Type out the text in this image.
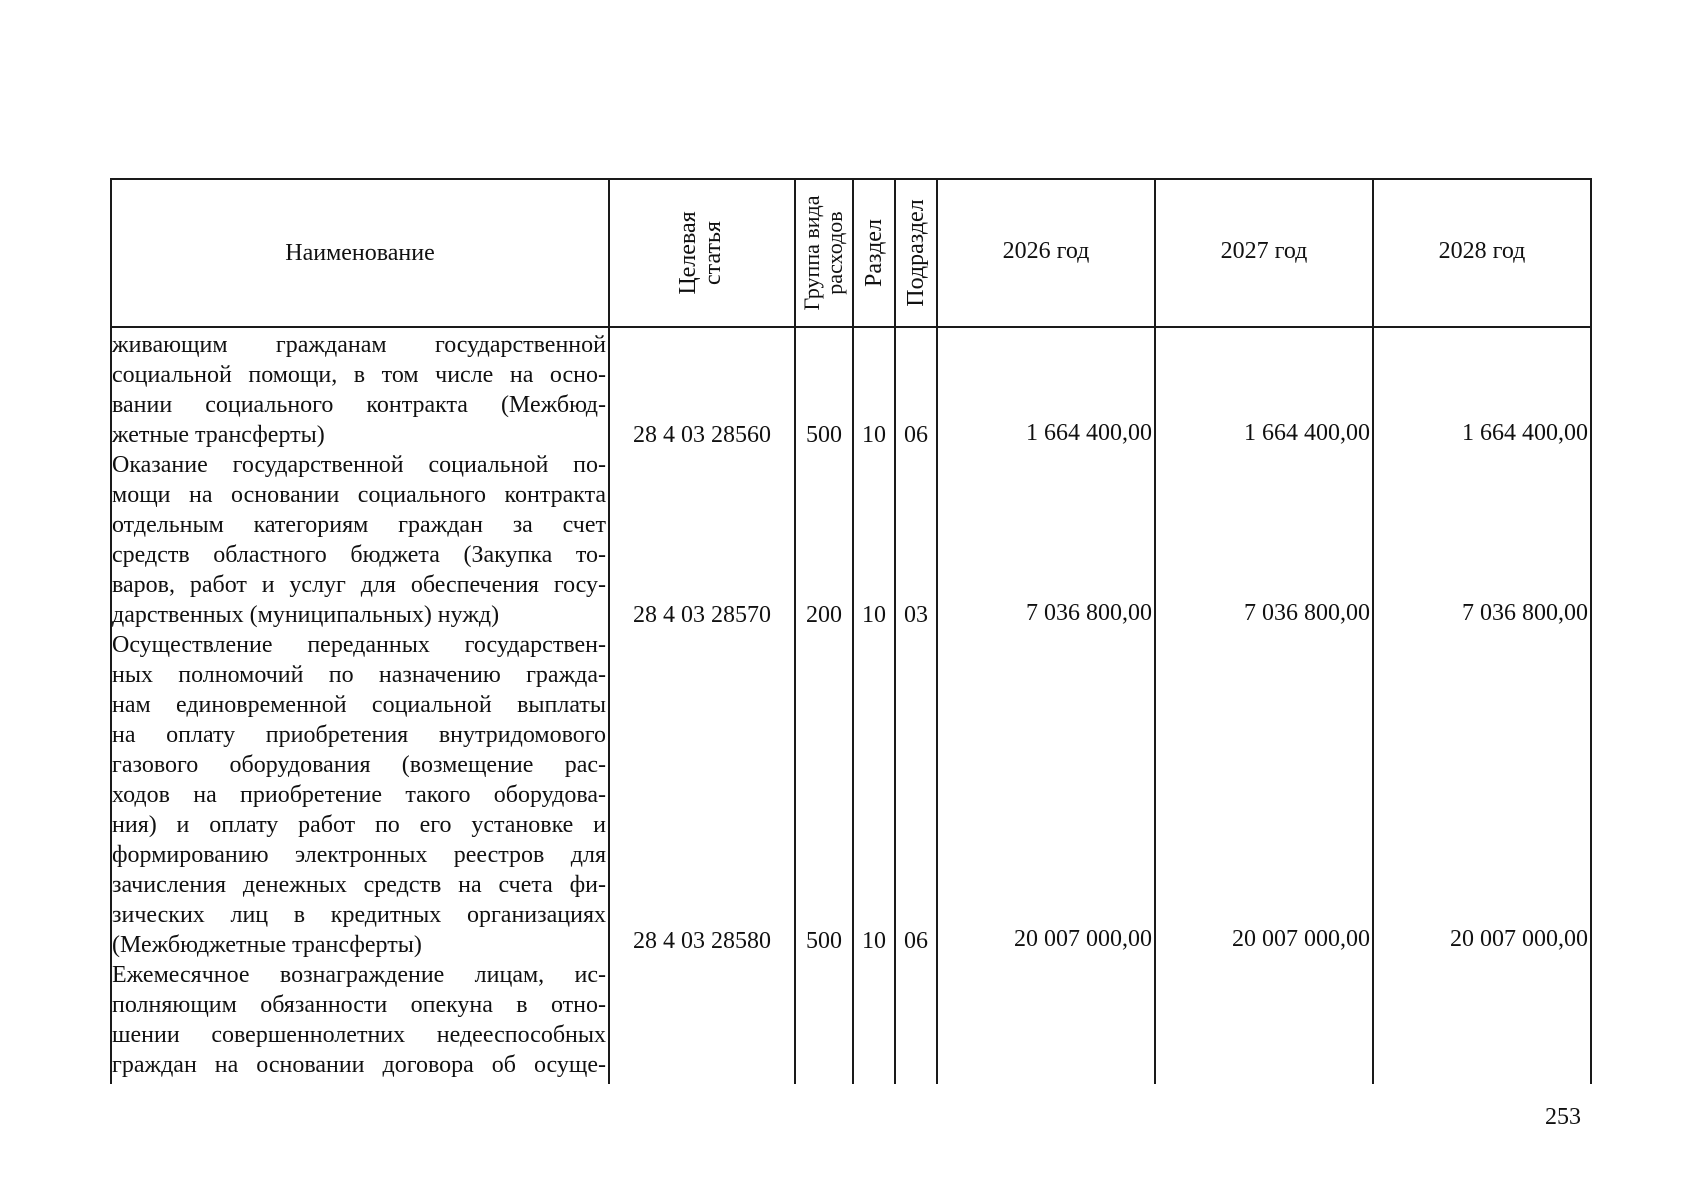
Наименование	Целевая статья	Группа вида расходов Раздел Подраздел	2026 год	2027 год	2028 год
живающим гражданам государственной
социальной помощи, в том числе на осно-
вании социального контракта (Межбюд-
жетные трансферты)	28 4 03 28560	500 10 06	1 664 400,00	1 664 400,00	1 664 400,00
Оказание государственной социальной по-
мощи на основании социального контракта
отдельным категориям граждан за счет
средств областного бюджета (Закупка то-
варов, работ и услуг для обеспечения госу-
дарственных (муниципальных) нужд)	28 4 03 28570	200 10 03	7 036 800,00	7 036 800,00	7 036 800,00
Осуществление переданных государствен-
ных полномочий по назначению гражда-
нам единовременной социальной выплаты
на оплату приобретения внутридомового
газового оборудования (возмещение рас-
ходов на приобретение такого оборудова-
ния) и оплату работ по его установке и
формированию электронных реестров для
зачисления денежных средств на счета фи-
зических лиц в кредитных организациях
(Межбюджетные трансферты)	28 4 03 28580	500 10 06	20 007 000,00	20 007 000,00	20 007 000,00
Ежемесячное вознаграждение лицам, ис-
полняющим обязанности опекуна в отно-
шении совершеннолетних недееспособных
граждан на основании договора об осуще-
253
